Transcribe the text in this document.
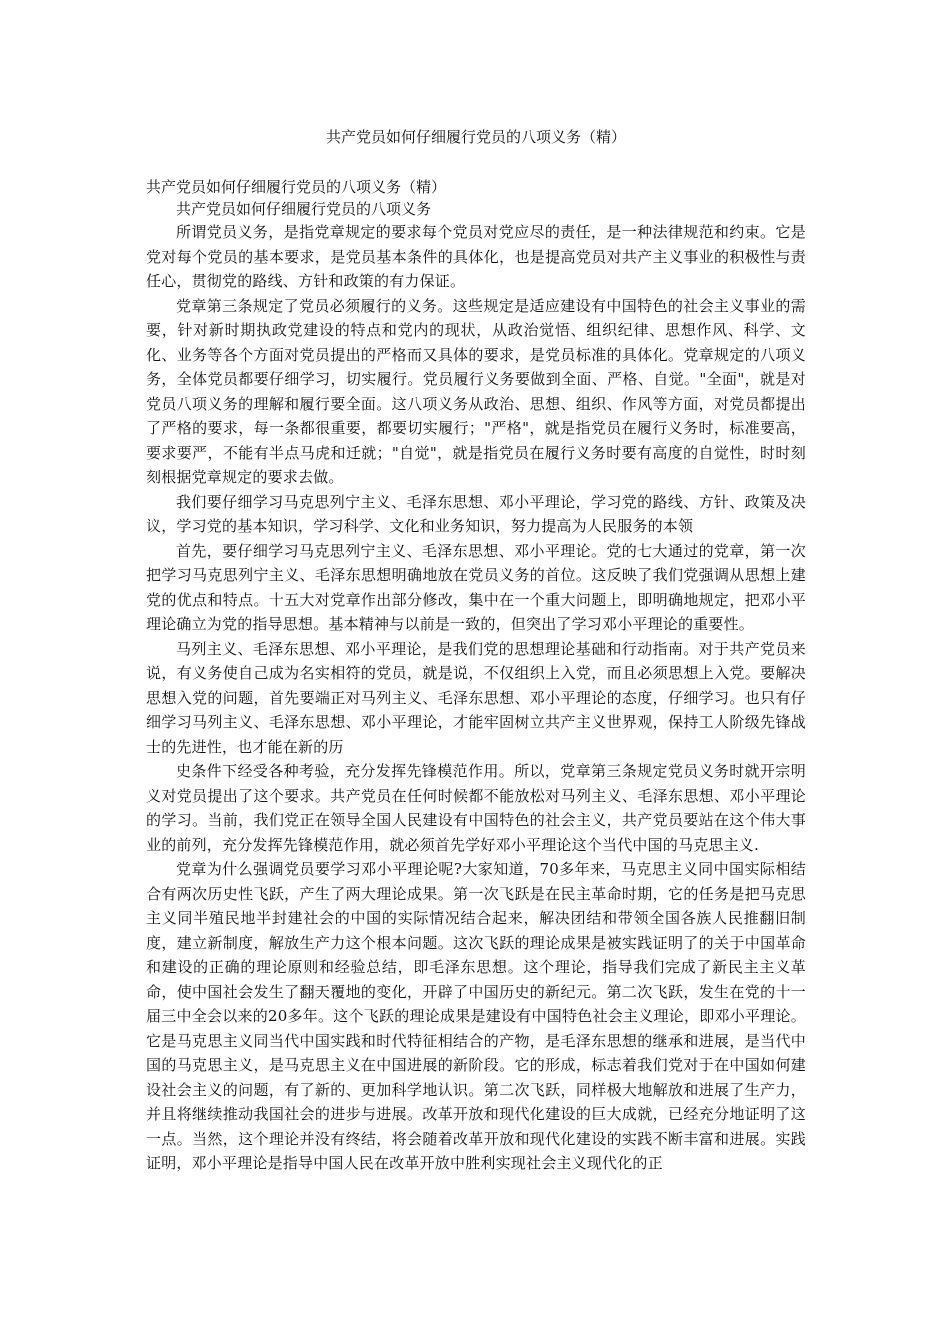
共产党员如何仔细履行党员的八项义务（精）

共产党员如何仔细履行党员的八项义务（精）

共产党员如何仔细履行党员的八项义务

所谓党员义务，是指党章规定的要求每个党员对党应尽的责任，是一种法律规范和约束。它是党对每个党员的基本要求，是党员基本条件的具体化，也是提高党员对共产主义事业的积极性与责任心，贯彻党的路线、方针和政策的有力保证。

党章第三条规定了党员必须履行的义务。这些规定是适应建设有中国特色的社会主义事业的需要，针对新时期执政党建设的特点和党内的现状，从政治觉悟、组织纪律、思想作风、科学、文化、业务等各个方面对党员提出的严格而又具体的要求，是党员标准的具体化。党章规定的八项义务，全体党员都要仔细学习，切实履行。党员履行义务要做到全面、严格、自觉。"全面"，就是对党员八项义务的理解和履行要全面。这八项义务从政治、思想、组织、作风等方面，对党员都提出了严格的要求，每一条都很重要，都要切实履行；"严格"，就是指党员在履行义务时，标准要高，要求要严，不能有半点马虎和迁就；"自觉"，就是指党员在履行义务时要有高度的自觉性，时时刻刻根据党章规定的要求去做。

我们要仔细学习马克思列宁主义、毛泽东思想、邓小平理论，学习党的路线、方针、政策及决议，学习党的基本知识，学习科学、文化和业务知识，努力提高为人民服务的本领

首先，要仔细学习马克思列宁主义、毛泽东思想、邓小平理论。党的七大通过的党章，第一次把学习马克思列宁主义、毛泽东思想明确地放在党员义务的首位。这反映了我们党强调从思想上建党的优点和特点。十五大对党章作出部分修改，集中在一个重大问题上，即明确地规定，把邓小平理论确立为党的指导思想。基本精神与以前是一致的，但突出了学习邓小平理论的重要性。

马列主义、毛泽东思想、邓小平理论，是我们党的思想理论基础和行动指南。对于共产党员来说，有义务使自己成为名实相符的党员，就是说，不仅组织上入党，而且必须思想上入党。要解决思想入党的问题，首先要端正对马列主义、毛泽东思想、邓小平理论的态度，仔细学习。也只有仔细学习马列主义、毛泽东思想、邓小平理论，才能牢固树立共产主义世界观，保持工人阶级先锋战士的先进性，也才能在新的历

史条件下经受各种考验，充分发挥先锋模范作用。所以，党章第三条规定党员义务时就开宗明义对党员提出了这个要求。共产党员在任何时候都不能放松对马列主义、毛泽东思想、邓小平理论的学习。当前，我们党正在领导全国人民建设有中国特色的社会主义，共产党员要站在这个伟大事业的前列，充分发挥先锋模范作用，就必须首先学好邓小平理论这个当代中国的马克思主义.

党章为什么强调党员要学习邓小平理论呢?大家知道，70多年来，马克思主义同中国实际相结合有两次历史性飞跃，产生了两大理论成果。第一次飞跃是在民主革命时期，它的任务是把马克思主义同半殖民地半封建社会的中国的实际情况结合起来，解决团结和带领全国各族人民推翻旧制度，建立新制度，解放生产力这个根本问题。这次飞跃的理论成果是被实践证明了的关于中国革命和建设的正确的理论原则和经验总结，即毛泽东思想。这个理论，指导我们完成了新民主主义革命，使中国社会发生了翻天覆地的变化，开辟了中国历史的新纪元。第二次飞跃，发生在党的十一届三中全会以来的20多年。这个飞跃的理论成果是建设有中国特色社会主义理论，即邓小平理论。它是马克思主义同当代中国实践和时代特征相结合的产物，是毛泽东思想的继承和进展，是当代中国的马克思主义，是马克思主义在中国进展的新阶段。它的形成，标志着我们党对于在中国如何建设社会主义的问题，有了新的、更加科学地认识。第二次飞跃，同样极大地解放和进展了生产力，并且将继续推动我国社会的进步与进展。改革开放和现代化建设的巨大成就，已经充分地证明了这一点。当然，这个理论并没有终结，将会随着改革开放和现代化建设的实践不断丰富和进展。实践证明，邓小平理论是指导中国人民在改革开放中胜利实现社会主义现代化的正
